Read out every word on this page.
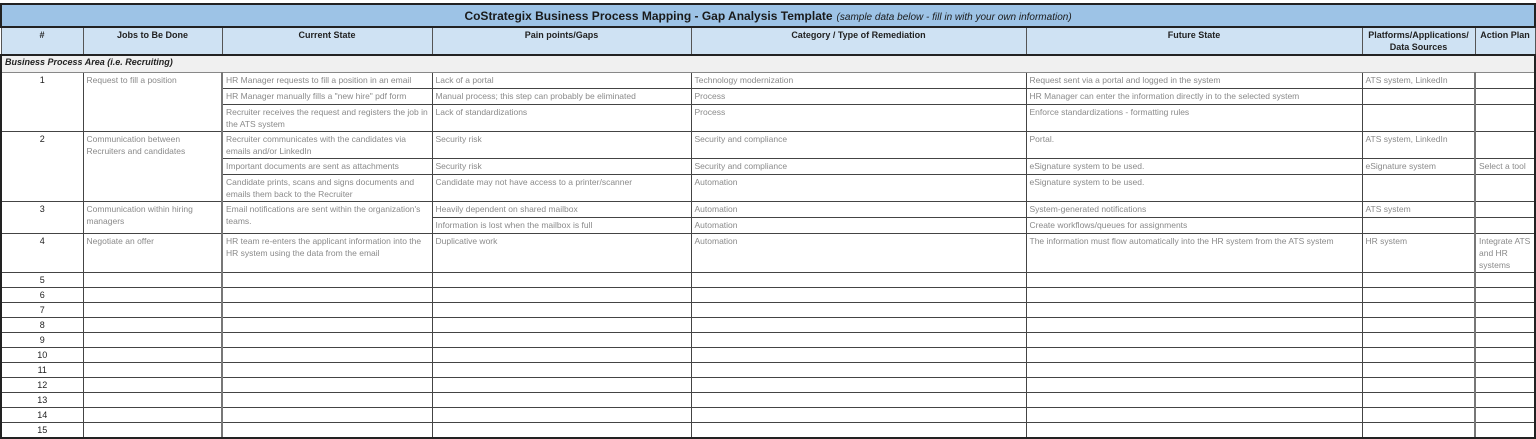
CoStrategix Business Process Mapping - Gap Analysis Template (sample data below - fill in with your own information)							
#	Jobs to Be Done	Current State	Pain points/Gaps	Category / Type of Remediation	Future State	Platforms/Applications/ Data Sources	Action Plan
Business Process Area (i.e. Recruiting)							
1	Request to fill a position	HR Manager requests to fill a position in an email	Lack of a portal	Technology modernization	Request sent via a portal and logged in the system	ATS system, LinkedIn	
		HR Manager manually fills a "new hire" pdf form	Manual process; this step can probably be eliminated	Process	HR Manager can enter the information directly in to the selected system		
		Recruiter receives the request and registers the job in the ATS system	Lack of standardizations	Process	Enforce standardizations - formatting rules		
2	Communication between Recruiters and candidates	Recruiter communicates with the candidates via emails and/or LinkedIn	Security risk	Security and compliance	Portal.	ATS system, LinkedIn	
		Important documents are sent as attachments	Security risk	Security and compliance	eSignature system to be used.	eSignature system	Select a tool
		Candidate prints, scans and signs documents and emails them back to the Recruiter	Candidate may not have access to a printer/scanner	Automation	eSignature system to be used.		
3	Communication within hiring managers	Email notifications are sent within the organization's teams.	Heavily dependent on shared mailbox	Automation	System-generated notifications	ATS system	
			Information is lost when the mailbox is full	Automation	Create workflows/queues for assignments		
4	Negotiate an offer	HR team re-enters the applicant information into the HR system using the data from the email	Duplicative work	Automation	The information must flow automatically into the HR system from the ATS system	HR system	Integrate ATS and HR systems
5							
6							
7							
8							
9							
10							
11							
12							
13							
14							
15							
